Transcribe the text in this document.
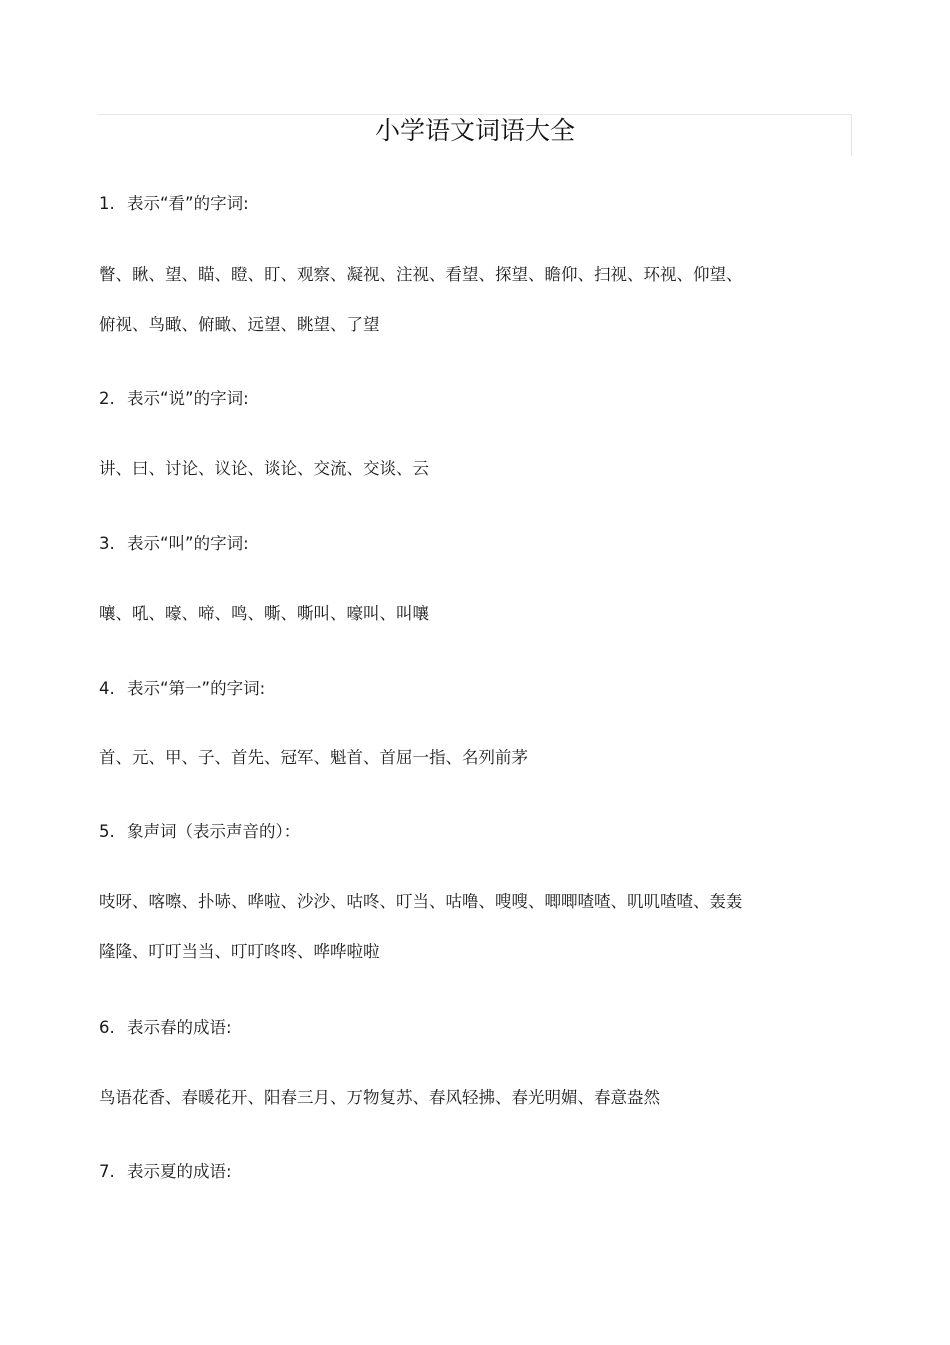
小学语文词语大全

1. 表示“看”的字词:

瞥、瞅、望、瞄、瞪、盯、观察、凝视、注视、看望、探望、瞻仰、扫视、环视、仰望、
俯视、鸟瞰、俯瞰、远望、眺望、了望

2. 表示“说”的字词:

讲、曰、讨论、议论、谈论、交流、交谈、云

3. 表示“叫”的字词:

嚷、吼、嚎、啼、鸣、嘶、嘶叫、嚎叫、叫嚷

4. 表示“第一”的字词:

首、元、甲、子、首先、冠军、魁首、首屈一指、名列前茅

5. 象声词（表示声音的）：

吱呀、喀嚓、扑哧、哗啦、沙沙、咕咚、叮当、咕噜、嗖嗖、唧唧喳喳、叽叽喳喳、轰轰
隆隆、叮叮当当、叮叮咚咚、哗哗啦啦

6. 表示春的成语:

鸟语花香、春暖花开、阳春三月、万物复苏、春风轻拂、春光明媚、春意盎然

7. 表示夏的成语:
